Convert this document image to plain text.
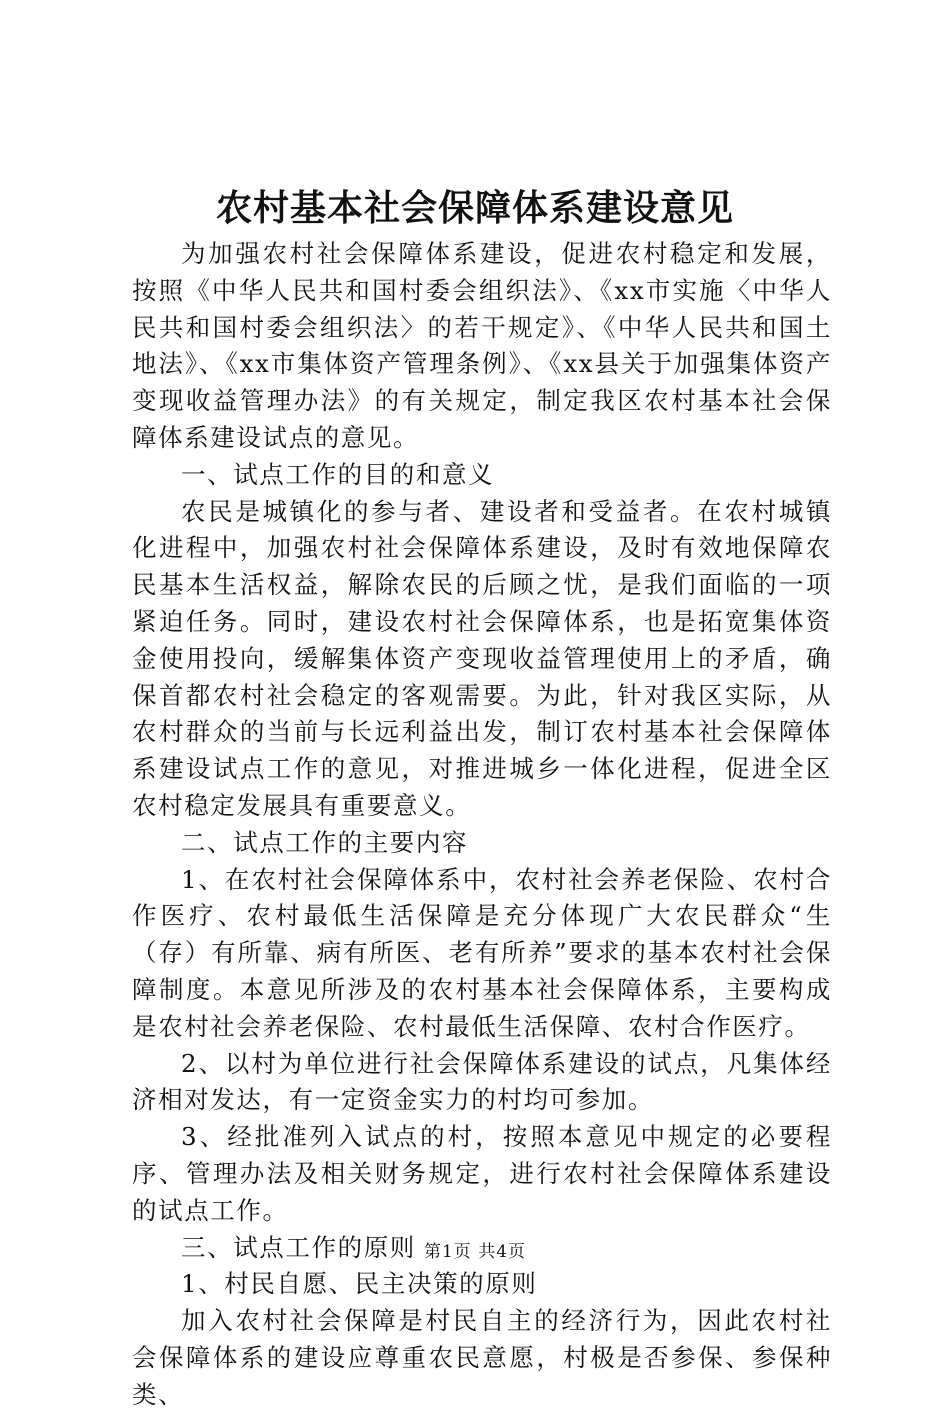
农村基本社会保障体系建设意见

为加强农村社会保障体系建设，促进农村稳定和发展，按照《中华人民共和国村委会组织法》、《xx市实施〈中华人民共和国村委会组织法〉的若干规定》、《中华人民共和国土地法》、《xx市集体资产管理条例》、《xx县关于加强集体资产变现收益管理办法》的有关规定，制定我区农村基本社会保障体系建设试点的意见。

一、试点工作的目的和意义

农民是城镇化的参与者、建设者和受益者。在农村城镇化进程中，加强农村社会保障体系建设，及时有效地保障农民基本生活权益，解除农民的后顾之忧，是我们面临的一项紧迫任务。同时，建设农村社会保障体系，也是拓宽集体资金使用投向，缓解集体资产变现收益管理使用上的矛盾，确保首都农村社会稳定的客观需要。为此，针对我区实际，从农村群众的当前与长远利益出发，制订农村基本社会保障体系建设试点工作的意见，对推进城乡一体化进程，促进全区农村稳定发展具有重要意义。

二、试点工作的主要内容

1、在农村社会保障体系中，农村社会养老保险、农村合作医疗、农村最低生活保障是充分体现广大农民群众“生（存）有所靠、病有所医、老有所养”要求的基本农村社会保障制度。本意见所涉及的农村基本社会保障体系，主要构成是农村社会养老保险、农村最低生活保障、农村合作医疗。

2、以村为单位进行社会保障体系建设的试点，凡集体经济相对发达，有一定资金实力的村均可参加。

3、经批准列入试点的村，按照本意见中规定的必要程序、管理办法及相关财务规定，进行农村社会保障体系建设的试点工作。

三、试点工作的原则

1、村民自愿、民主决策的原则

加入农村社会保障是村民自主的经济行为，因此农村社会保障体系的建设应尊重农民意愿，村极是否参保、参保种类、

第1页 共4页
